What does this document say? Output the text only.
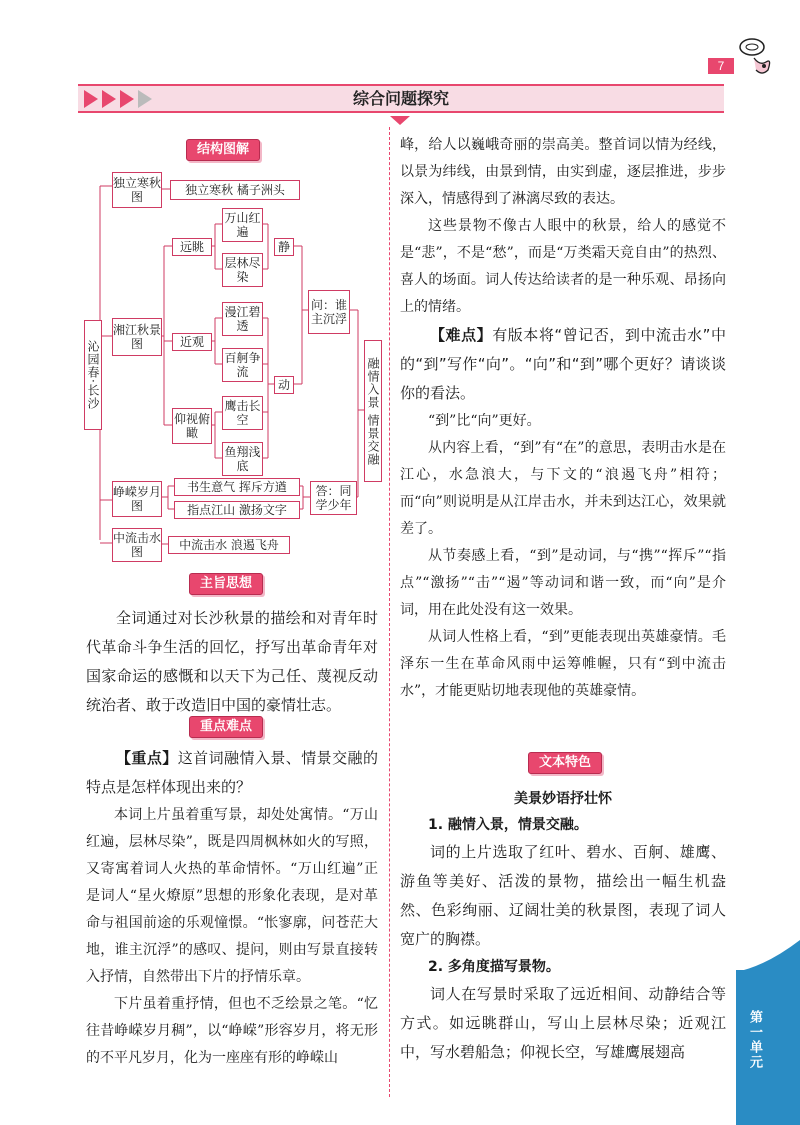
7
综合问题探究
结构图解
沁园春·长沙
独立寒秋图	独立寒秋 橘子洲头
湘江秋景图
远眺
近观
仰视俯瞰
万山红遍
层林尽染
漫江碧透
百舸争流
鹰击长空
鱼翔浅底
静
动
问：谁主沉浮
融情入景 情景交融
峥嵘岁月图
书生意气 挥斥方遒
指点江山 激扬文字
答：同学少年
中流击水图	中流击水 浪遏飞舟
主旨思想

全词通过对长沙秋景的描绘和对青年时代革命斗争生活的回忆，抒写出革命青年对国家命运的感慨和以天下为己任、蔑视反动统治者、敢于改造旧中国的豪情壮志。

重点难点

【重点】这首词融情入景、情景交融的特点是怎样体现出来的？

本词上片虽着重写景，却处处寓情。“万山红遍，层林尽染”，既是四周枫林如火的写照，又寄寓着词人火热的革命情怀。“万山红遍”正是词人“星火燎原”思想的形象化表现，是对革命与祖国前途的乐观憧憬。“怅寥廓，问苍茫大地，谁主沉浮”的感叹、提问，则由写景直接转入抒情，自然带出下片的抒情乐章。

下片虽着重抒情，但也不乏绘景之笔。“忆往昔峥嵘岁月稠”，以“峥嵘”形容岁月，将无形的不平凡岁月，化为一座座有形的峥嵘山

峰，给人以巍峨奇丽的崇高美。整首词以情为经线，以景为纬线，由景到情，由实到虚，逐层推进，步步深入，情感得到了淋漓尽致的表达。

这些景物不像古人眼中的秋景，给人的感觉不是“悲”，不是“愁”，而是“万类霜天竞自由”的热烈、喜人的场面。词人传达给读者的是一种乐观、昂扬向上的情绪。

【难点】有版本将“曾记否，到中流击水”中的“到”写作“向”。“向”和“到”哪个更好？请谈谈你的看法。

“到”比“向”更好。

从内容上看，“到”有“在”的意思，表明击水是在江心，水急浪大，与下文的“浪遏飞舟”相符；而“向”则说明是从江岸击水，并未到达江心，效果就差了。

从节奏感上看，“到”是动词，与“携”“挥斥”“指点”“激扬”“击”“遏”等动词和谐一致，而“向”是介词，用在此处没有这一效果。

从词人性格上看，“到”更能表现出英雄豪情。毛泽东一生在革命风雨中运筹帷幄，只有“到中流击水”，才能更贴切地表现他的英雄豪情。

文本特色

美景妙语抒壮怀

1. 融情入景，情景交融。

词的上片选取了红叶、碧水、百舸、雄鹰、游鱼等美好、活泼的景物，描绘出一幅生机盎然、色彩绚丽、辽阔壮美的秋景图，表现了词人宽广的胸襟。

2. 多角度描写景物。

词人在写景时采取了远近相间、动静结合等方式。如远眺群山，写山上层林尽染；近观江中，写水碧船急；仰视长空，写雄鹰展翅高	第一单元
